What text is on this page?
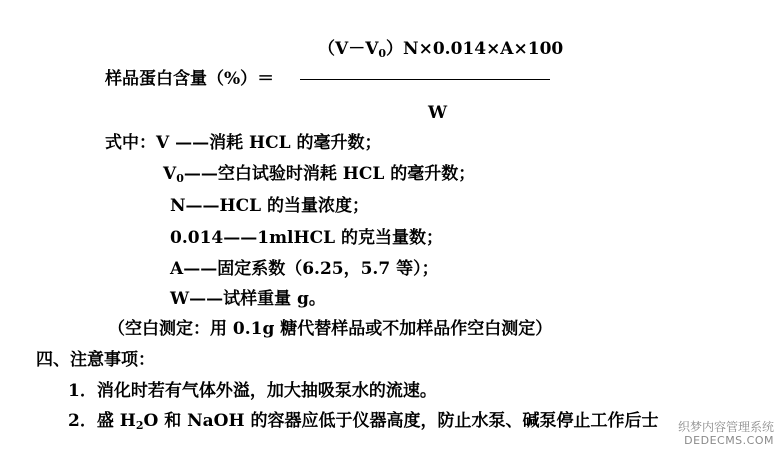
$(V-V_0)N\times 0.014\times A\times 100$
样品蛋白含量（%）＝
W
式中：V ——消耗 HCL 的毫升数；
$V_0——$空白试验时消耗 HCL 的毫升数；
N——HCL 的当量浓度；
0.014——1mlHCL 的克当量数；
A——固定系数（6.25，5.7 等）；
W——试样重量 g。
（空白测定：用 0.1g 糖代替样品或不加样品作空白测定）
四、注意事项：
1．消化时若有气体外溢，加大抽吸泵水的流速。
2．盛 $H_2O$ 和 NaOH 的容器应低于仪器高度，防止水泵、碱泵停止工作后士 织梦内容管理系统
DEDECMS.COM
